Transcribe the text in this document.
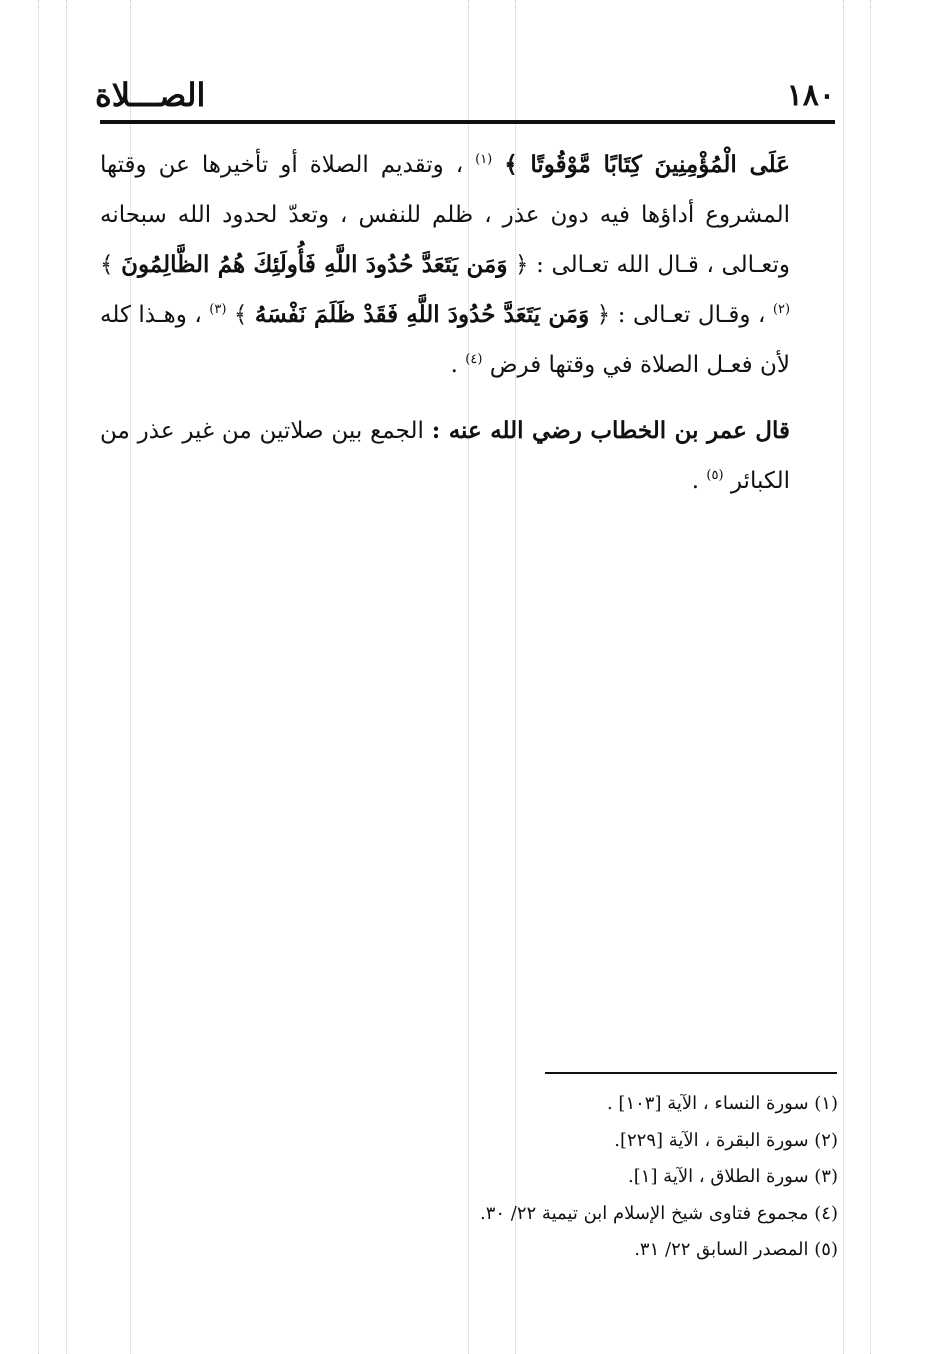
١٨٠
الصـــلاة

عَلَى الْمُؤْمِنِينَ كِتَابًا مَّوْقُوتًا ﴾ $^{(١)}$ ، وتقديم الصلاة أو تأخيرها عن وقتها المشروع أداؤها فيه دون عذر ، ظلم للنفس ، وتعدّ لحدود الله سبحانه وتعـالى ، قـال الله تعـالى : ﴿ وَمَن يَتَعَدَّ حُدُودَ اللَّهِ فَأُولَئِكَ هُمُ الظَّالِمُونَ ﴾ $^{(٢)}$ ، وقـال تعـالى : ﴿ وَمَن يَتَعَدَّ حُدُودَ اللَّهِ فَقَدْ ظَلَمَ نَفْسَهُ ﴾ $^{(٣)}$ ، وهـذا كله لأن فعـل الصلاة في وقتها فرض $^{(٤)}$ .

قال عمر بن الخطاب رضي الله عنه : الجمع بين صلاتين من غير عذر من الكبائر $^{(٥)}$ .

(١) سورة النساء ، الآية [١٠٣] .
(٢) سورة البقرة ، الآية [٢٢٩].
(٣) سورة الطلاق ، الآية [١].
(٤) مجموع فتاوى شيخ الإسلام ابن تيمية ٢٢/ ٣٠.
(٥) المصدر السابق ٢٢/ ٣١.
